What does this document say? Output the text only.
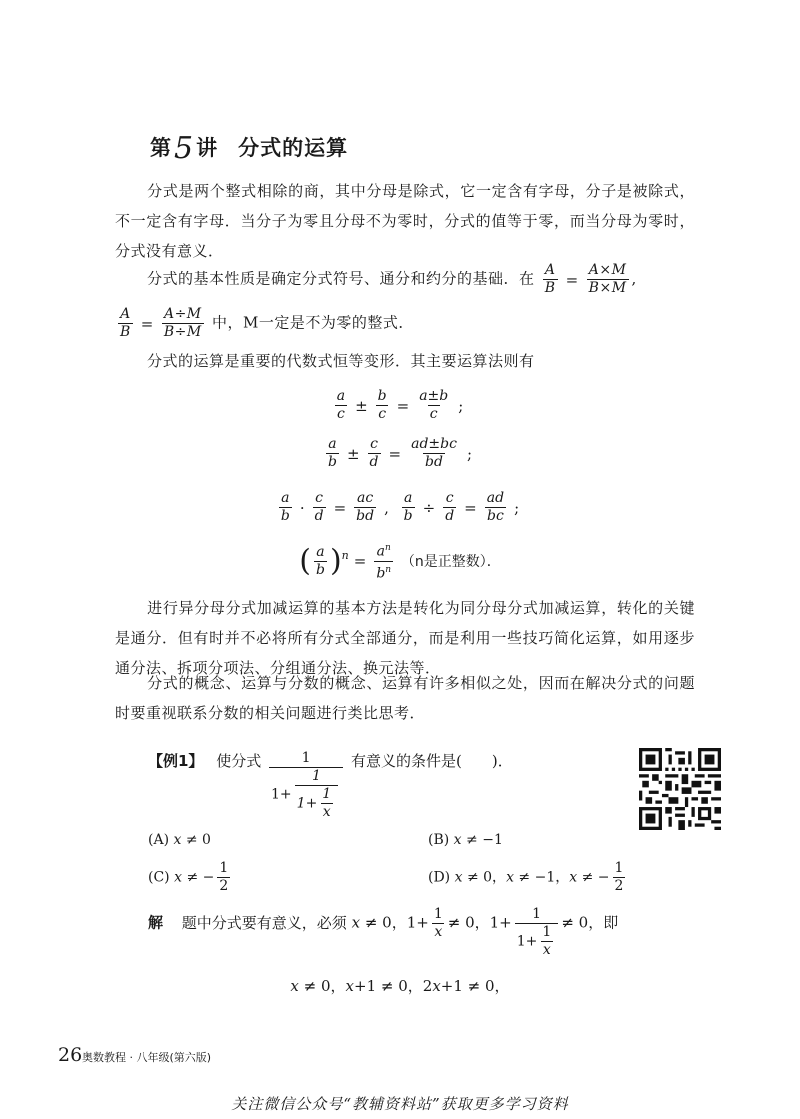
第5讲 分式的运算
分式是两个整式相除的商，其中分母是除式，它一定含有字母，分子是被除式，不一定含有字母．当分子为零且分母不为零时，分式的值等于零，而当分母为零时，分式没有意义．
分式的基本性质是确定分式符号、通分和约分的基础．在 $\frac{A}{B} = \frac{A\times M}{B\times M}$ ,
$\frac{A}{B} = \frac{A\div M}{B\div M}$ 中，M一定是不为零的整式．
分式的运算是重要的代数式恒等变形．其主要运算法则有
$\frac{a}{c} \pm \frac{b}{c} = \frac{a\pm b}{c}$ ;
$\frac{a}{b} \pm \frac{c}{d} = \frac{ad\pm bc}{bd}$ ;
$\frac{a}{b} \cdot \frac{c}{d} = \frac{ac}{bd}$ , $\frac{a}{b} \div \frac{c}{d} = \frac{ad}{bc}$ ;
( $\frac{a}{b} )^n = \frac{a^n}{b^n} (n$是正整数）．
进行异分母分式加减运算的基本方法是转化为同分母分式加减运算，转化的关键是通分．但有时并不必将所有分式全部通分，而是利用一些技巧简化运算，如用逐步通分法、拆项分项法、分组通分法、换元法等．
分式的概念、运算与分数的概念、运算有许多相似之处，因而在解决分式的问题时要重视联系分数的相关问题进行类比思考．
【例1】 使分式 $\frac{1}{1+ \frac{1}{1+ \frac{1}{x}}}$ 有意义的条件是(　　)．
(A) x ≠ 0	(B) x ≠ −1
(C) x ≠ − $\frac{1}{2}$	(D) x ≠ 0，x ≠ −1，x ≠ − $\frac{1}{2}$
解 题中分式要有意义，必须 x ≠ 0，$1+ \frac{1}{x} \ne 0$，$1+ \frac{1}{1+ \frac{1}{x}} \ne 0$，即
x ≠ 0，x+1 ≠ 0，2x+1 ≠ 0，
26 奥数教程 · 八年级(第六版)
关注微信公众号“教辅资料站”获取更多学习资料
